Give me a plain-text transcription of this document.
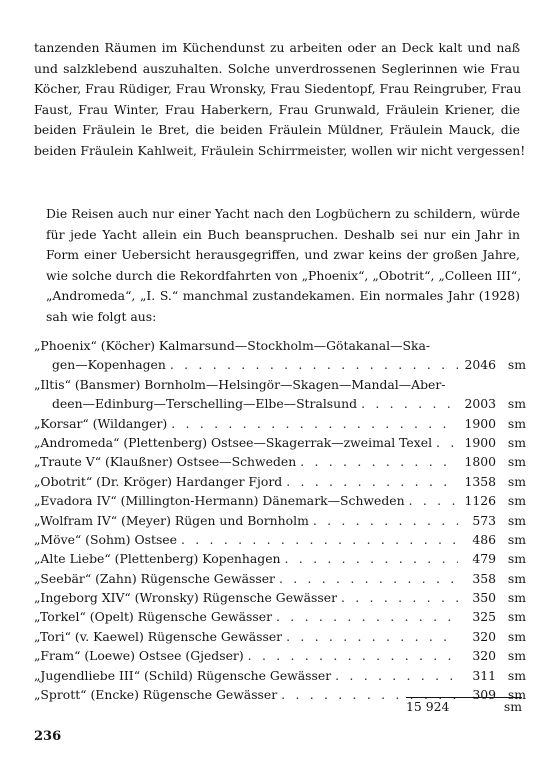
tanzenden Räumen im Küchendunst zu arbeiten oder an Deck kalt und naß
und salzklebend auszuhalten. Solche unverdrossenen Seglerinnen wie Frau
Köcher, Frau Rüdiger, Frau Wronsky, Frau Siedentopf, Frau Reingruber, Frau
Faust, Frau Winter, Frau Haberkern, Frau Grunwald, Fräulein Kriener, die
beiden Fräulein le Bret, die beiden Fräulein Müldner, Fräulein Mauck, die
beiden Fräulein Kahlweit, Fräulein Schirrmeister, wollen wir nicht vergessen!
Die Reisen auch nur einer Yacht nach den Logbüchern zu schildern, würde
für jede Yacht allein ein Buch beanspruchen. Deshalb sei nur ein Jahr in
Form einer Uebersicht herausgegriffen, und zwar keins der großen Jahre,
wie solche durch die Rekordfahrten von „Phoenix“, „Obotrit“, „Colleen III“,
„Andromeda“, „I. S.“ manchmal zustandekamen. Ein normales Jahr (1928)
sah wie folgt aus:
„Phoenix“ (Köcher) Kalmarsund—Stockholm—Götakanal—Ska-
gen—Kopenhagen . . .	2046 sm
„Iltis“ (Bansmer) Bornholm—Helsingör—Skagen—Mandal—Aber-
deen—Edinburg—Terschelling—Elbe—Stralsund . . .	2003 sm
„Korsar“ (Wildanger) . . .	1900 sm
„Andromeda“ (Plettenberg) Ostsee—Skagerrak—zweimal Texel . . .	1900 sm
„Traute V“ (Klaußner) Ostsee—Schweden . . .	1800 sm
„Obotrit“ (Dr. Kröger) Hardanger Fjord . . .	1358 sm
„Evadora IV“ (Millington-Hermann) Dänemark—Schweden . . .	1126 sm
„Wolfram IV“ (Meyer) Rügen und Bornholm . . .	573 sm
„Möve“ (Sohm) Ostsee . . .	486 sm
„Alte Liebe“ (Plettenberg) Kopenhagen . . .	479 sm
„Seebär“ (Zahn) Rügensche Gewässer . . .	358 sm
„Ingeborg XIV“ (Wronsky) Rügensche Gewässer . . .	350 sm
„Torkel“ (Opelt) Rügensche Gewässer . . .	325 sm
„Tori“ (v. Kaewel) Rügensche Gewässer . . .	320 sm
„Fram“ (Loewe) Ostsee (Gjedser) . . .	320 sm
„Jugendliebe III“ (Schild) Rügensche Gewässer . . .	311 sm
„Sprott“ (Encke) Rügensche Gewässer . . .	309 sm
15 924	sm
236
